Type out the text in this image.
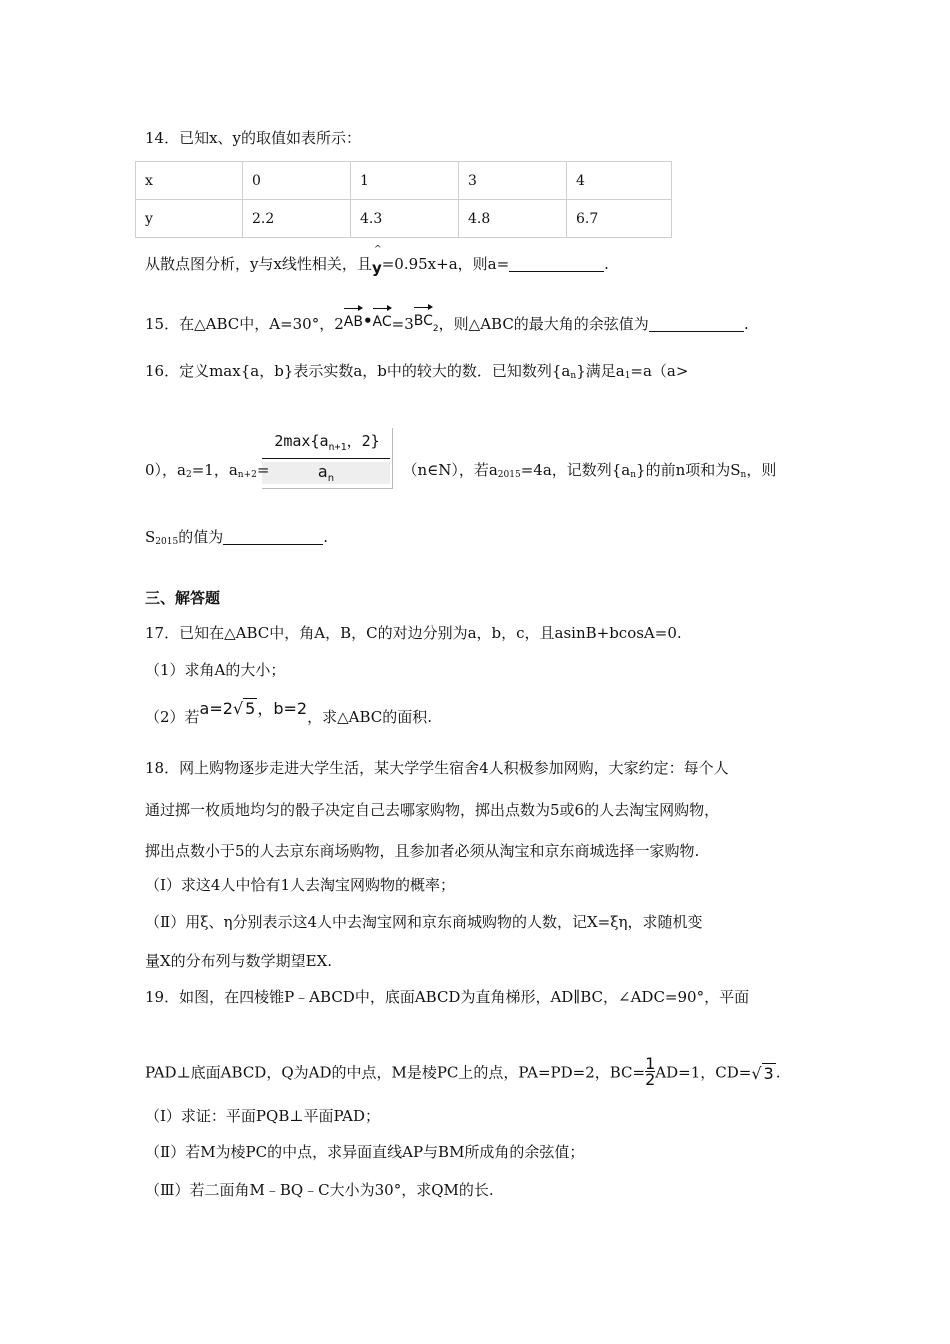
14．已知x、y的取值如表所示：
x	0	1	3	4
y	2.2	4.3	4.8	6.7
从散点图分析，y与x线性相关，且
^
y=0.95x+a，则a=	.
15．在△ABC中，A=30°，$2AB•AC=3BC_2$，则△ABC的最大角的余弦值为	.
16．定义max{a，b}表示实数a，b中的较大的数．已知数列$\{a_n\}$满足$a_1=a(a>$
$2\max\{a_{n+1}$，2}
$a_n$
0），$a_2=1$，$a_{n+2}=$	（n∈N），若$a_{2015}=4a$，记数列$\{a_n\}$的前n项和为$S_n$，则
$S_{2015}$的值为	.
三、解答题
17．已知在△ABC中，角A，B，C的对边分别为a，b，c，且asinB+bcosA=0.
（1）求角A的大小；
（2）若a=2√ 5 ，b=2，求△ABC的面积.
18．网上购物逐步走进大学生活，某大学学生宿舍4人积极参加网购，大家约定：每个人
通过掷一枚质地均匀的骰子决定自己去哪家购物，掷出点数为5或6的人去淘宝网购物，
掷出点数小于5的人去京东商场购物，且参加者必须从淘宝和京东商城选择一家购物.
（Ⅰ）求这4人中恰有1人去淘宝网购物的概率；
（Ⅱ）用ξ、η分别表示这4人中去淘宝网和京东商城购物的人数，记X=ξη，求随机变
量X的分布列与数学期望EX.
19．如图，在四棱锥P﹣ABCD中，底面ABCD为直角梯形，AD∥BC，∠ADC=90°，平面
PAD⊥底面ABCD，Q为AD的中点，M是棱PC上的点，PA=PD=2，$BC= \frac{1}{2} AD=1$，CD=√ 3 .
（Ⅰ）求证：平面PQB⊥平面PAD；
（Ⅱ）若M为棱PC的中点，求异面直线AP与BM所成角的余弦值；
（Ⅲ）若二面角M﹣BQ﹣C大小为30°，求QM的长.
